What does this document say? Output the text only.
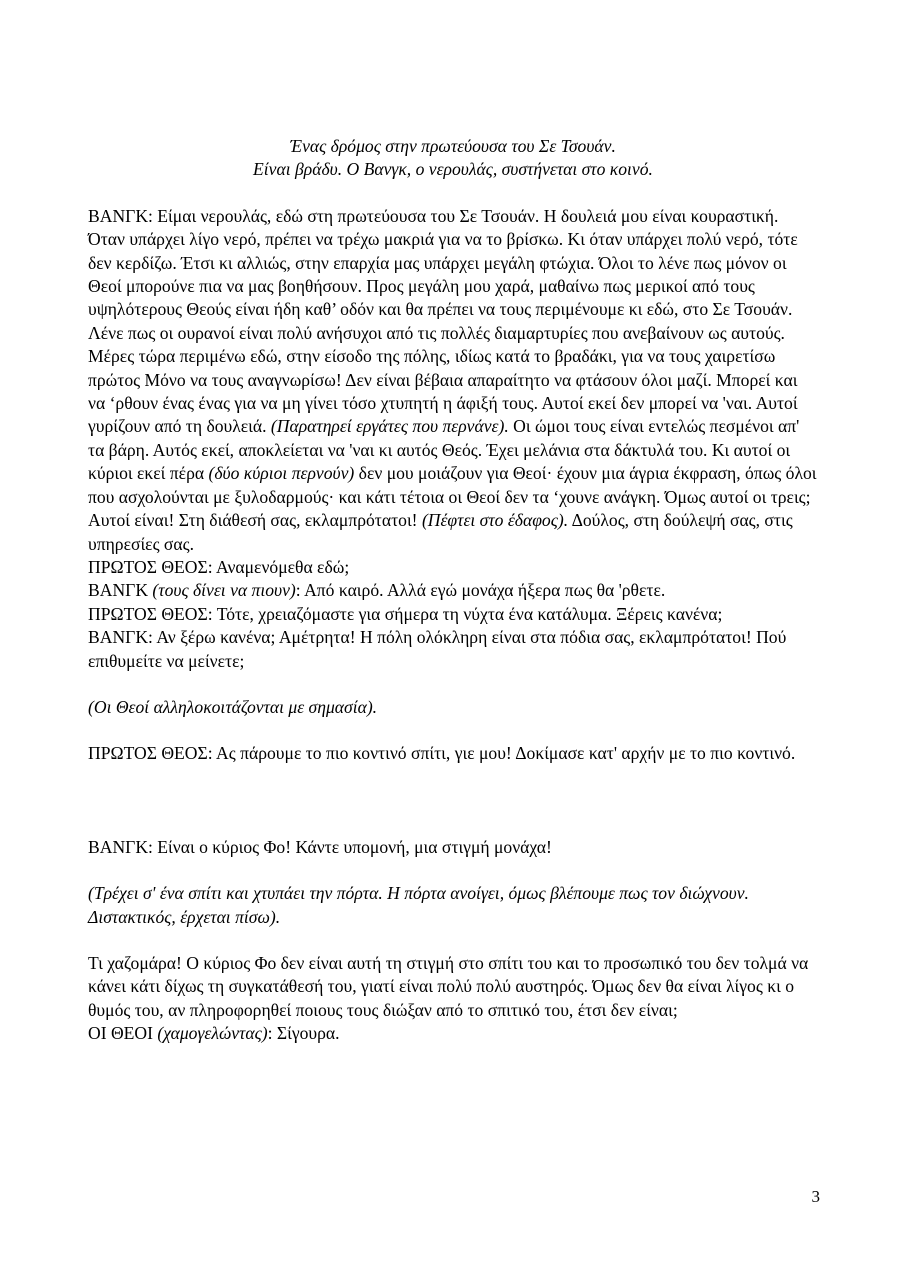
Ένας δρόμος στην πρωτεύουσα του Σε Τσουάν.
Είναι βράδυ. Ο Βανγκ, ο νερουλάς, συστήνεται στο κοινό.

ΒΑΝΓΚ: Είμαι νερουλάς, εδώ στη πρωτεύουσα του Σε Τσουάν. Η δουλειά μου είναι κουραστική. Όταν υπάρχει λίγο νερό, πρέπει να τρέχω μακριά για να το βρίσκω. Κι όταν υπάρχει πολύ νερό, τότε δεν κερδίζω. Έτσι κι αλλιώς, στην επαρχία μας υπάρχει μεγάλη φτώχια. Όλοι το λένε πως μόνον οι Θεοί μπορούνε πια να μας βοηθήσουν. Προς μεγάλη μου χαρά, μαθαίνω πως μερικοί από τους υψηλότερους Θεούς είναι ήδη καθ’ οδόν και θα πρέπει να τους περιμένουμε κι εδώ, στο Σε Τσουάν. Λένε πως οι ουρανοί είναι πολύ ανήσυχοι από τις πολλές διαμαρτυρίες που ανεβαίνουν ως αυτούς. Μέρες τώρα περιμένω εδώ, στην είσοδο της πόλης, ιδίως κατά το βραδάκι, για να τους χαιρετίσω πρώτος Μόνο να τους αναγνωρίσω! Δεν είναι βέβαια απαραίτητο να φτάσουν όλοι μαζί. Μπορεί και να ‘ρθουν ένας ένας για να μη γίνει τόσο χτυπητή η άφιξή τους. Αυτοί εκεί δεν μπορεί να 'ναι. Αυτοί γυρίζουν από τη δουλειά. (Παρατηρεί εργάτες που περνάνε). Οι ώμοι τους είναι εντελώς πεσμένοι απ' τα βάρη. Αυτός εκεί, αποκλείεται να 'ναι κι αυτός Θεός. Έχει μελάνια στα δάκτυλά του. Κι αυτοί οι κύριοι εκεί πέρα (δύο κύριοι περνούν) δεν μου μοιάζουν για Θεοί· έχουν μια άγρια έκφραση, όπως όλοι που ασχολούνται με ξυλοδαρμούς· και κάτι τέτοια οι Θεοί δεν τα ‘χουνε ανάγκη. Όμως αυτοί οι τρεις; Αυτοί είναι! Στη διάθεσή σας, εκλαμπρότατοι! (Πέφτει στο έδαφος). Δούλος, στη δούλεψή σας, στις υπηρεσίες σας.

ΠΡΩΤΟΣ ΘΕΟΣ: Αναμενόμεθα εδώ;

ΒΑΝΓΚ (τους δίνει να πιουν): Από καιρό. Αλλά εγώ μονάχα ήξερα πως θα 'ρθετε.

ΠΡΩΤΟΣ ΘΕΟΣ: Τότε, χρειαζόμαστε για σήμερα τη νύχτα ένα κατάλυμα. Ξέρεις κανένα;

ΒΑΝΓΚ: Αν ξέρω κανένα; Αμέτρητα! Η πόλη ολόκληρη είναι στα πόδια σας, εκλαμπρότατοι! Πού επιθυμείτε να μείνετε;

(Οι Θεοί αλληλοκοιτάζονται με σημασία).

ΠΡΩΤΟΣ ΘΕΟΣ: Ας πάρουμε το πιο κοντινό σπίτι, γιε μου! Δοκίμασε κατ' αρχήν με το πιο κοντινό.

ΒΑΝΓΚ: Είναι ο κύριος Φο! Κάντε υπομονή, μια στιγμή μονάχα!

(Τρέχει σ' ένα σπίτι και χτυπάει την πόρτα. Η πόρτα ανοίγει, όμως βλέπουμε πως τον διώχνουν. Διστακτικός, έρχεται πίσω).

Τι χαζομάρα! Ο κύριος Φο δεν είναι αυτή τη στιγμή στο σπίτι του και το προσωπικό του δεν τολμά να κάνει κάτι δίχως τη συγκατάθεσή του, γιατί είναι πολύ πολύ αυστηρός. Όμως δεν θα είναι λίγος κι ο θυμός του, αν πληροφορηθεί ποιους τους διώξαν από το σπιτικό του, έτσι δεν είναι;

ΟΙ ΘΕΟΙ (χαμογελώντας): Σίγουρα.

3
